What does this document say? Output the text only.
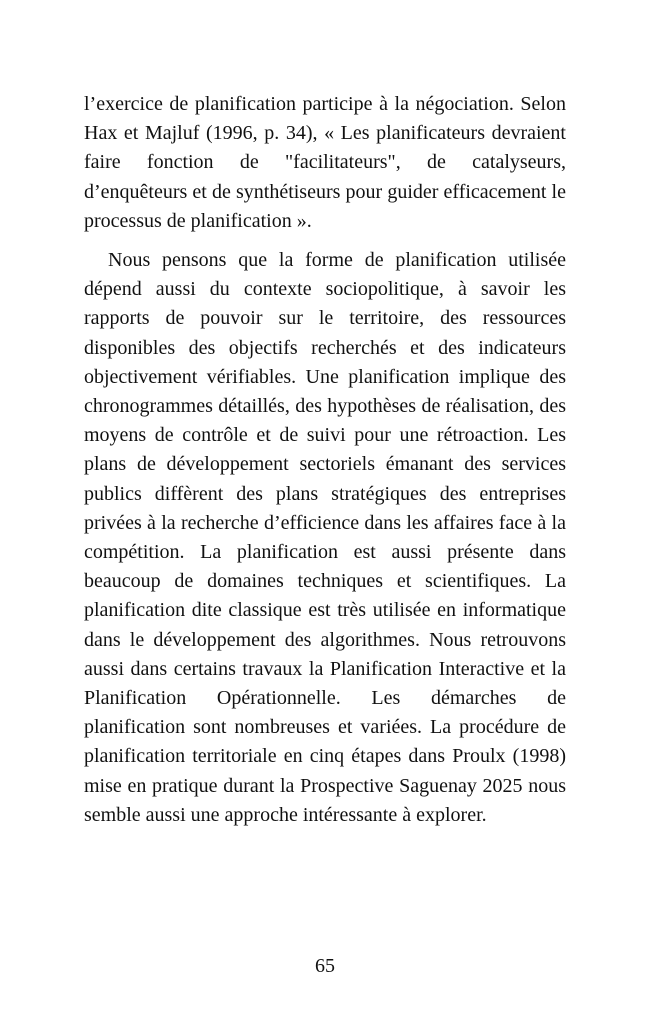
l’exercice de planification participe à la négociation. Selon Hax et Majluf (1996, p. 34), « Les planificateurs devraient faire fonction de "facilitateurs", de catalyseurs, d’enquêteurs et de synthétiseurs pour guider efficacement le processus de planification ».

Nous pensons que la forme de planification utilisée dépend aussi du contexte sociopolitique, à savoir les rapports de pouvoir sur le territoire, des ressources disponibles des objectifs recherchés et des indicateurs objectivement vérifiables. Une planification implique des chronogrammes détaillés, des hypothèses de réalisation, des moyens de contrôle et de suivi pour une rétroaction. Les plans de développement sectoriels émanant des services publics diffèrent des plans stratégiques des entreprises privées à la recherche d’efficience dans les affaires face à la compétition. La planification est aussi présente dans beaucoup de domaines techniques et scientifiques. La planification dite classique est très utilisée en informatique dans le développement des algorithmes. Nous retrouvons aussi dans certains travaux la Planification Interactive et la Planification Opérationnelle. Les démarches de planification sont nombreuses et variées. La procédure de planification territoriale en cinq étapes dans Proulx (1998) mise en pratique durant la Prospective Saguenay 2025 nous semble aussi une approche intéressante à explorer.

65
